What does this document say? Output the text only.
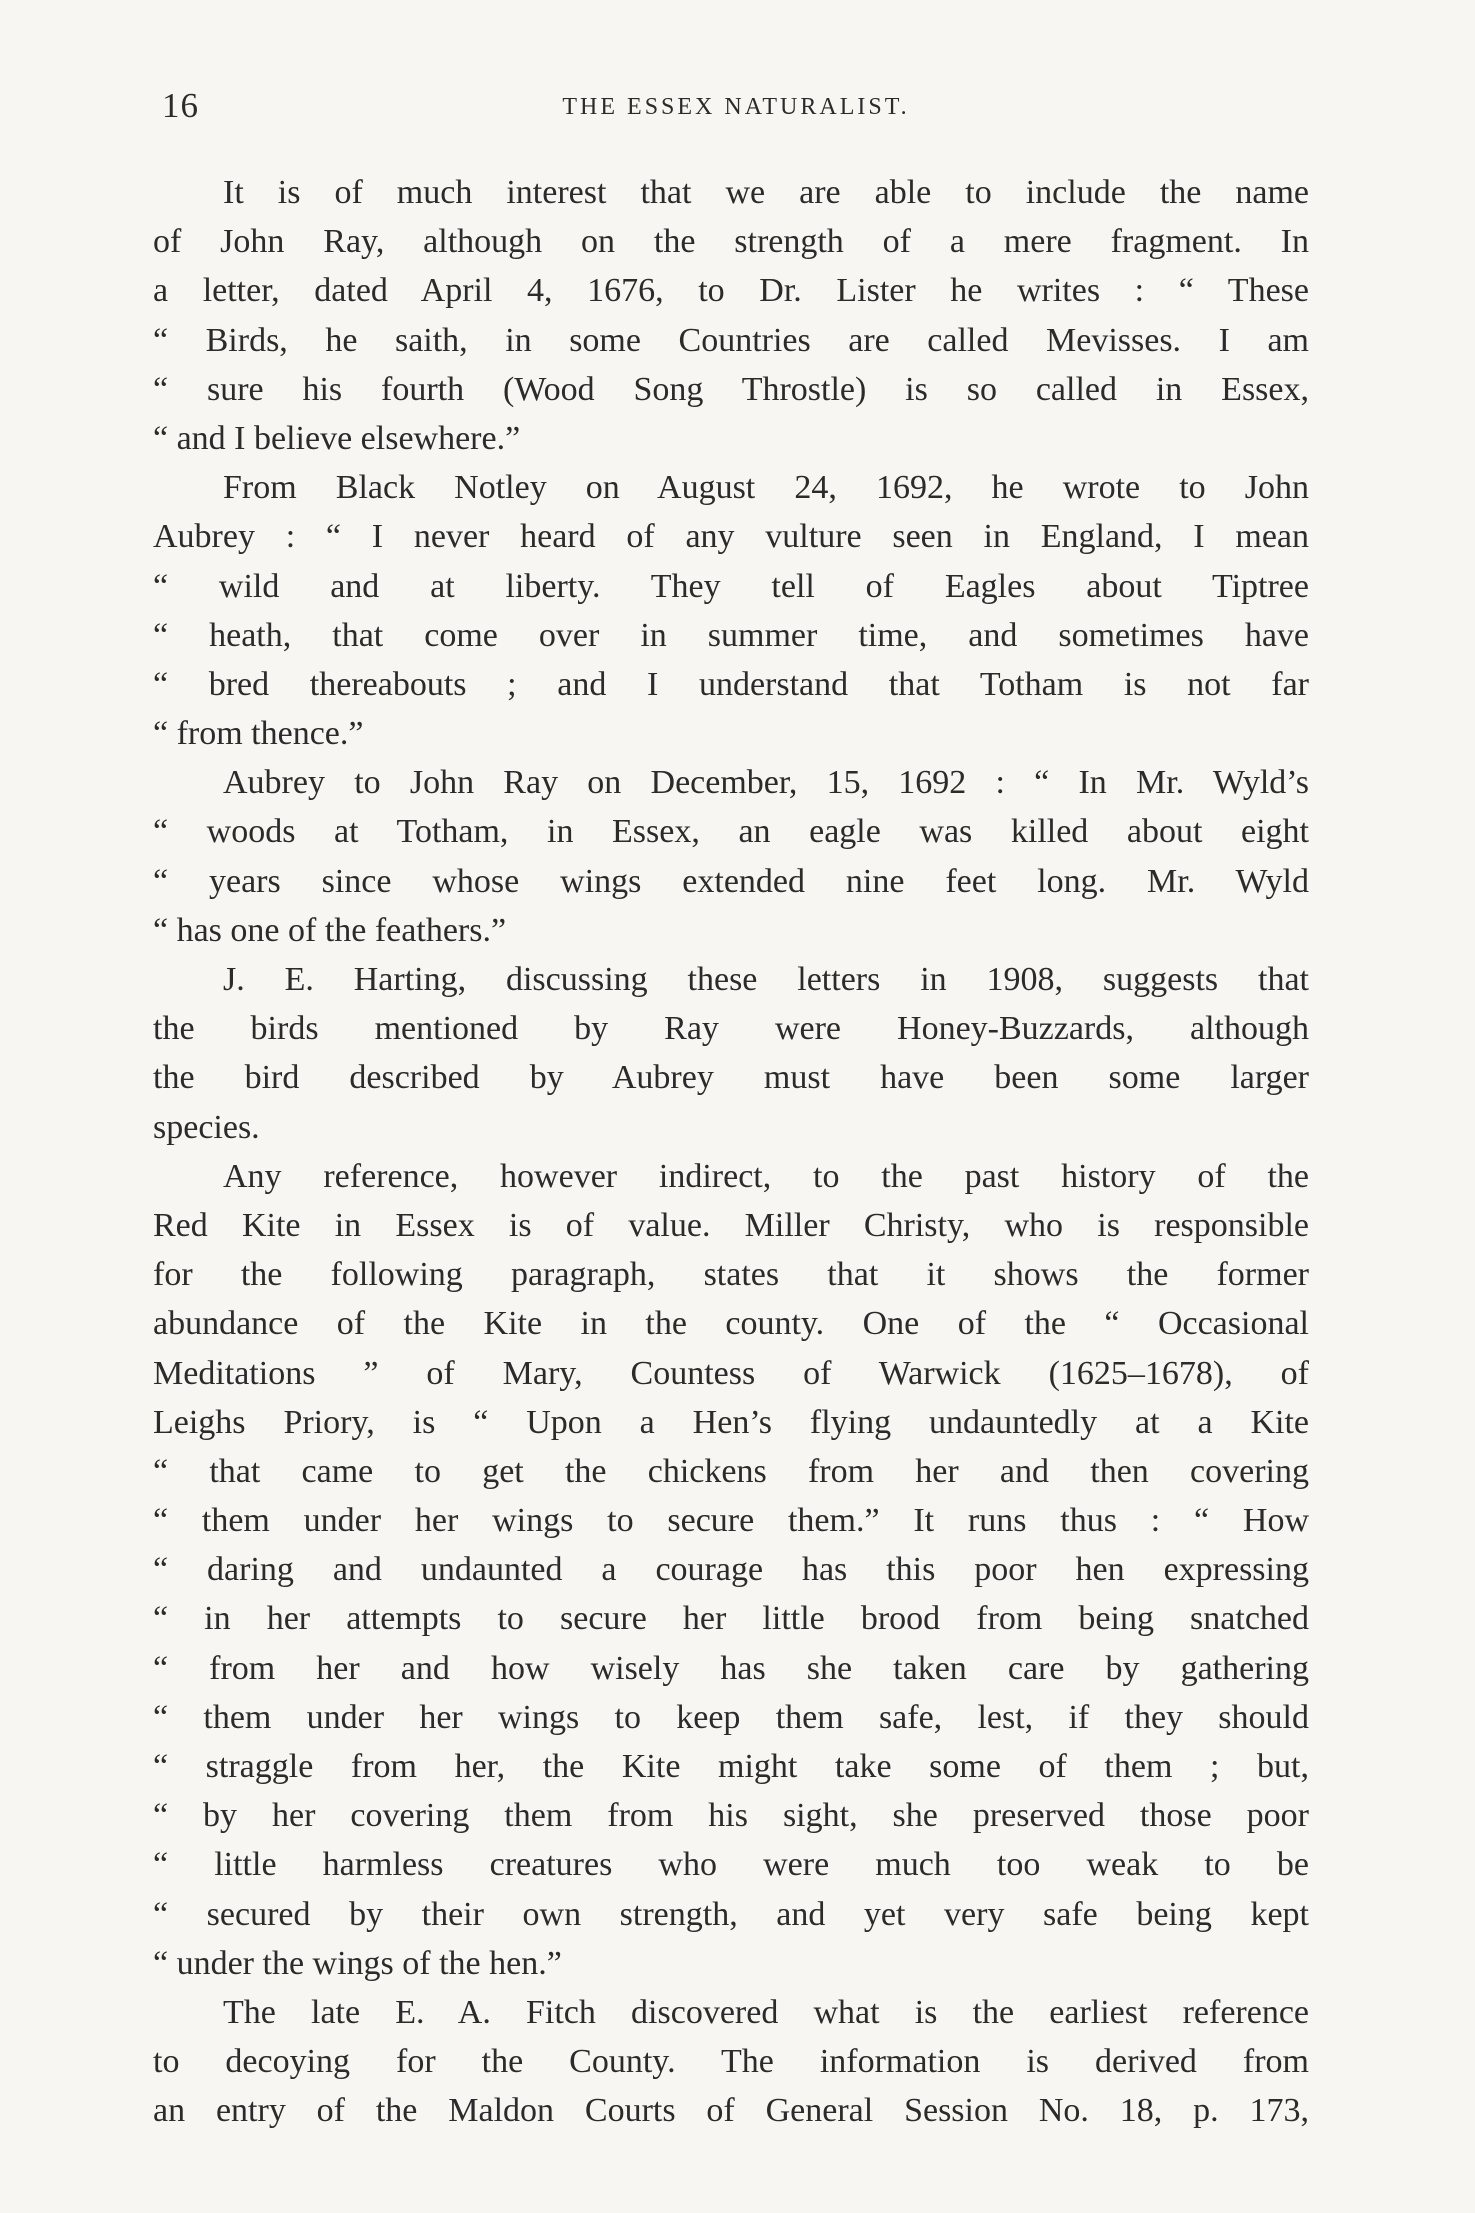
16	THE ESSEX NATURALIST.
It is of much interest that we are able to include the name
of John Ray, although on the strength of a mere fragment. In
a letter, dated April 4, 1676, to Dr. Lister he writes : “ These
“ Birds, he saith, in some Countries are called Mevisses. I am
“ sure his fourth (Wood Song Throstle) is so called in Essex,
“ and I believe elsewhere.”
From Black Notley on August 24, 1692, he wrote to John
Aubrey : “ I never heard of any vulture seen in England, I mean
“ wild and at liberty. They tell of Eagles about Tiptree
“ heath, that come over in summer time, and sometimes have
“ bred thereabouts ; and I understand that Totham is not far
“ from thence.”
Aubrey to John Ray on December, 15, 1692 : “ In Mr. Wyld’s
“ woods at Totham, in Essex, an eagle was killed about eight
“ years since whose wings extended nine feet long. Mr. Wyld
“ has one of the feathers.”
J. E. Harting, discussing these letters in 1908, suggests that
the birds mentioned by Ray were Honey-Buzzards, although
the bird described by Aubrey must have been some larger
species.
Any reference, however indirect, to the past history of the
Red Kite in Essex is of value. Miller Christy, who is responsible
for the following paragraph, states that it shows the former
abundance of the Kite in the county. One of the “ Occasional
Meditations ” of Mary, Countess of Warwick (1625–1678), of
Leighs Priory, is “ Upon a Hen’s flying undauntedly at a Kite
“ that came to get the chickens from her and then covering
“ them under her wings to secure them.” It runs thus : “ How
“ daring and undaunted a courage has this poor hen expressing
“ in her attempts to secure her little brood from being snatched
“ from her and how wisely has she taken care by gathering
“ them under her wings to keep them safe, lest, if they should
“ straggle from her, the Kite might take some of them ; but,
“ by her covering them from his sight, she preserved those poor
“ little harmless creatures who were much too weak to be
“ secured by their own strength, and yet very safe being kept
“ under the wings of the hen.”
The late E. A. Fitch discovered what is the earliest reference
to decoying for the County. The information is derived from
an entry of the Maldon Courts of General Session No. 18, p. 173,
